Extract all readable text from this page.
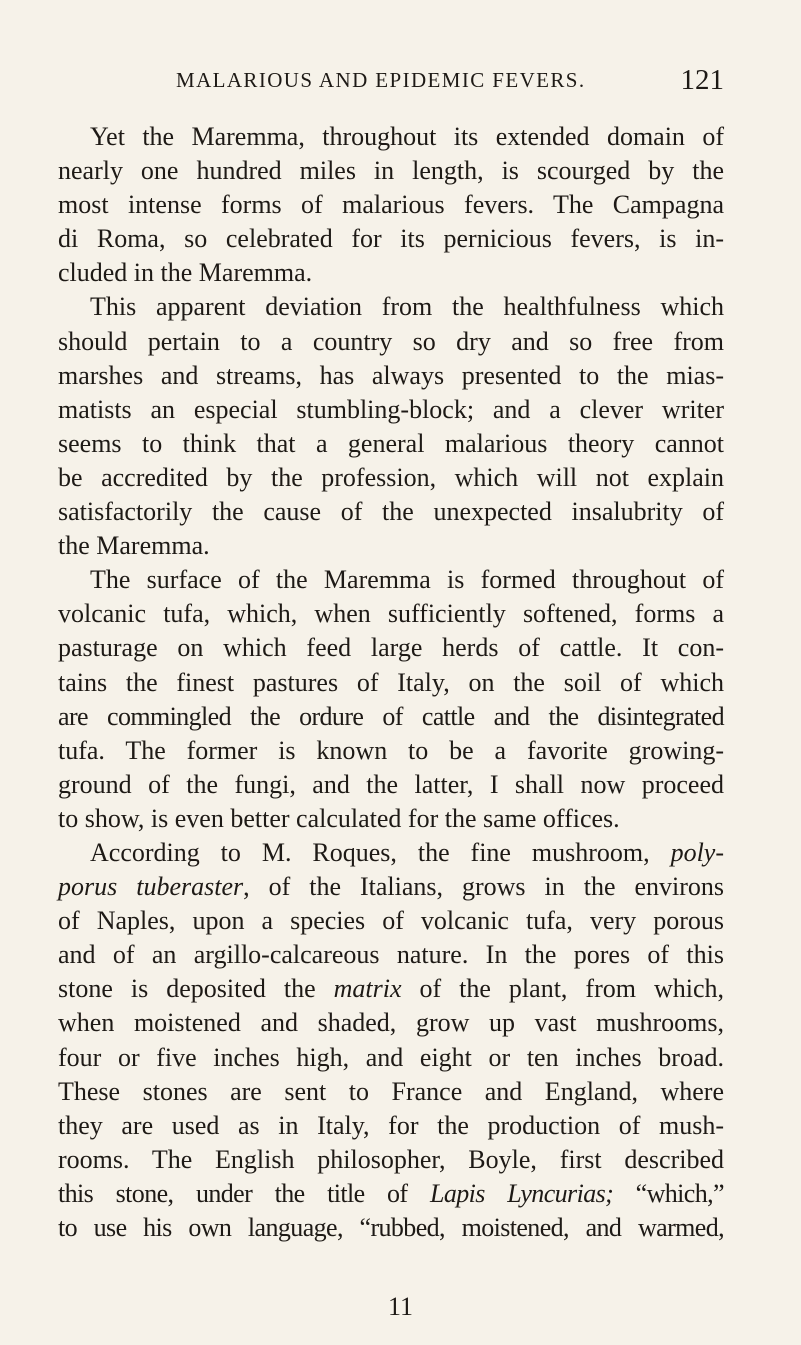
MALARIOUS AND EPIDEMIC FEVERS.	121
Yet the Maremma, throughout its extended domain of
nearly one hundred miles in length, is scourged by the
most intense forms of malarious fevers. The Campagna
di Roma, so celebrated for its pernicious fevers, is in-
cluded in the Maremma.
This apparent deviation from the healthfulness which
should pertain to a country so dry and so free from
marshes and streams, has always presented to the mias-
matists an especial stumbling-block; and a clever writer
seems to think that a general malarious theory cannot
be accredited by the profession, which will not explain
satisfactorily the cause of the unexpected insalubrity of
the Maremma.
The surface of the Maremma is formed throughout of
volcanic tufa, which, when sufficiently softened, forms a
pasturage on which feed large herds of cattle. It con-
tains the finest pastures of Italy, on the soil of which
are commingled the ordure of cattle and the disintegrated
tufa. The former is known to be a favorite growing-
ground of the fungi, and the latter, I shall now proceed
to show, is even better calculated for the same offices.
According to M. Roques, the fine mushroom, poly-
porus tuberaster, of the Italians, grows in the environs
of Naples, upon a species of volcanic tufa, very porous
and of an argillo-calcareous nature. In the pores of this
stone is deposited the matrix of the plant, from which,
when moistened and shaded, grow up vast mushrooms,
four or five inches high, and eight or ten inches broad.
These stones are sent to France and England, where
they are used as in Italy, for the production of mush-
rooms. The English philosopher, Boyle, first described
this stone, under the title of Lapis Lyncurias; “which,”
to use his own language, “rubbed, moistened, and warmed,
11
